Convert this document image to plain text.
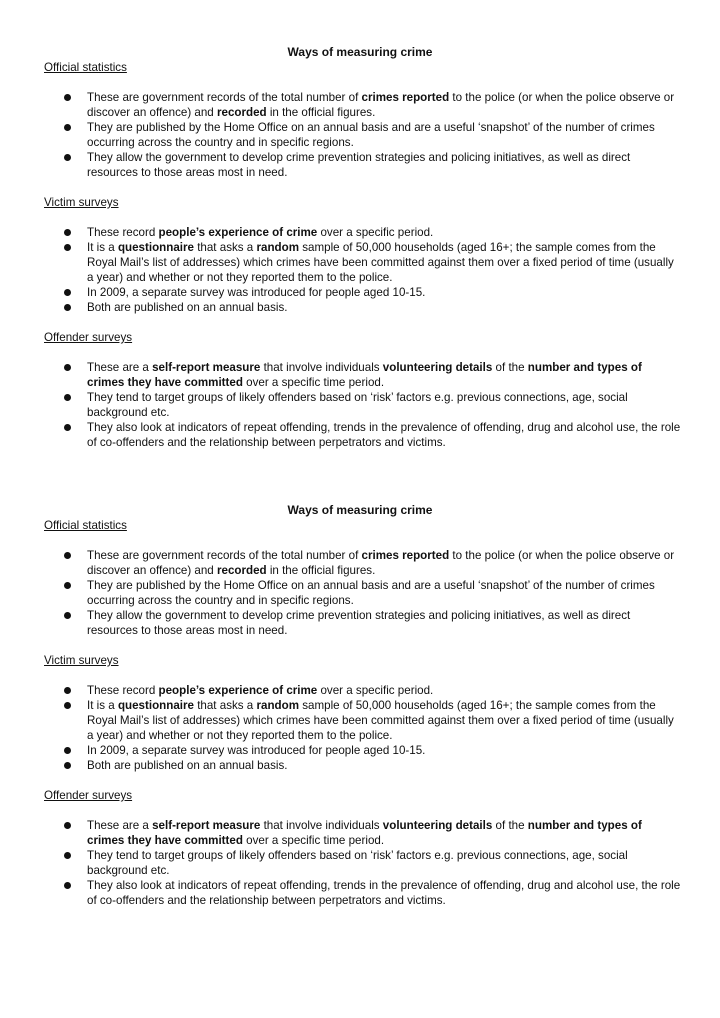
Ways of measuring crime
Official statistics
These are government records of the total number of crimes reported to the police (or when the police observe or discover an offence) and recorded in the official figures.
They are published by the Home Office on an annual basis and are a useful ‘snapshot’ of the number of crimes occurring across the country and in specific regions.
They allow the government to develop crime prevention strategies and policing initiatives, as well as direct resources to those areas most in need.
Victim surveys
These record people’s experience of crime over a specific period.
It is a questionnaire that asks a random sample of 50,000 households (aged 16+; the sample comes from the Royal Mail’s list of addresses) which crimes have been committed against them over a fixed period of time (usually a year) and whether or not they reported them to the police.
In 2009, a separate survey was introduced for people aged 10-15.
Both are published on an annual basis.
Offender surveys
These are a self-report measure that involve individuals volunteering details of the number and types of crimes they have committed over a specific time period.
They tend to target groups of likely offenders based on ‘risk’ factors e.g. previous connections, age, social background etc.
They also look at indicators of repeat offending, trends in the prevalence of offending, drug and alcohol use, the role of co-offenders and the relationship between perpetrators and victims.
Ways of measuring crime
Official statistics
These are government records of the total number of crimes reported to the police (or when the police observe or discover an offence) and recorded in the official figures.
They are published by the Home Office on an annual basis and are a useful ‘snapshot’ of the number of crimes occurring across the country and in specific regions.
They allow the government to develop crime prevention strategies and policing initiatives, as well as direct resources to those areas most in need.
Victim surveys
These record people’s experience of crime over a specific period.
It is a questionnaire that asks a random sample of 50,000 households (aged 16+; the sample comes from the Royal Mail’s list of addresses) which crimes have been committed against them over a fixed period of time (usually a year) and whether or not they reported them to the police.
In 2009, a separate survey was introduced for people aged 10-15.
Both are published on an annual basis.
Offender surveys
These are a self-report measure that involve individuals volunteering details of the number and types of crimes they have committed over a specific time period.
They tend to target groups of likely offenders based on ‘risk’ factors e.g. previous connections, age, social background etc.
They also look at indicators of repeat offending, trends in the prevalence of offending, drug and alcohol use, the role of co-offenders and the relationship between perpetrators and victims.
